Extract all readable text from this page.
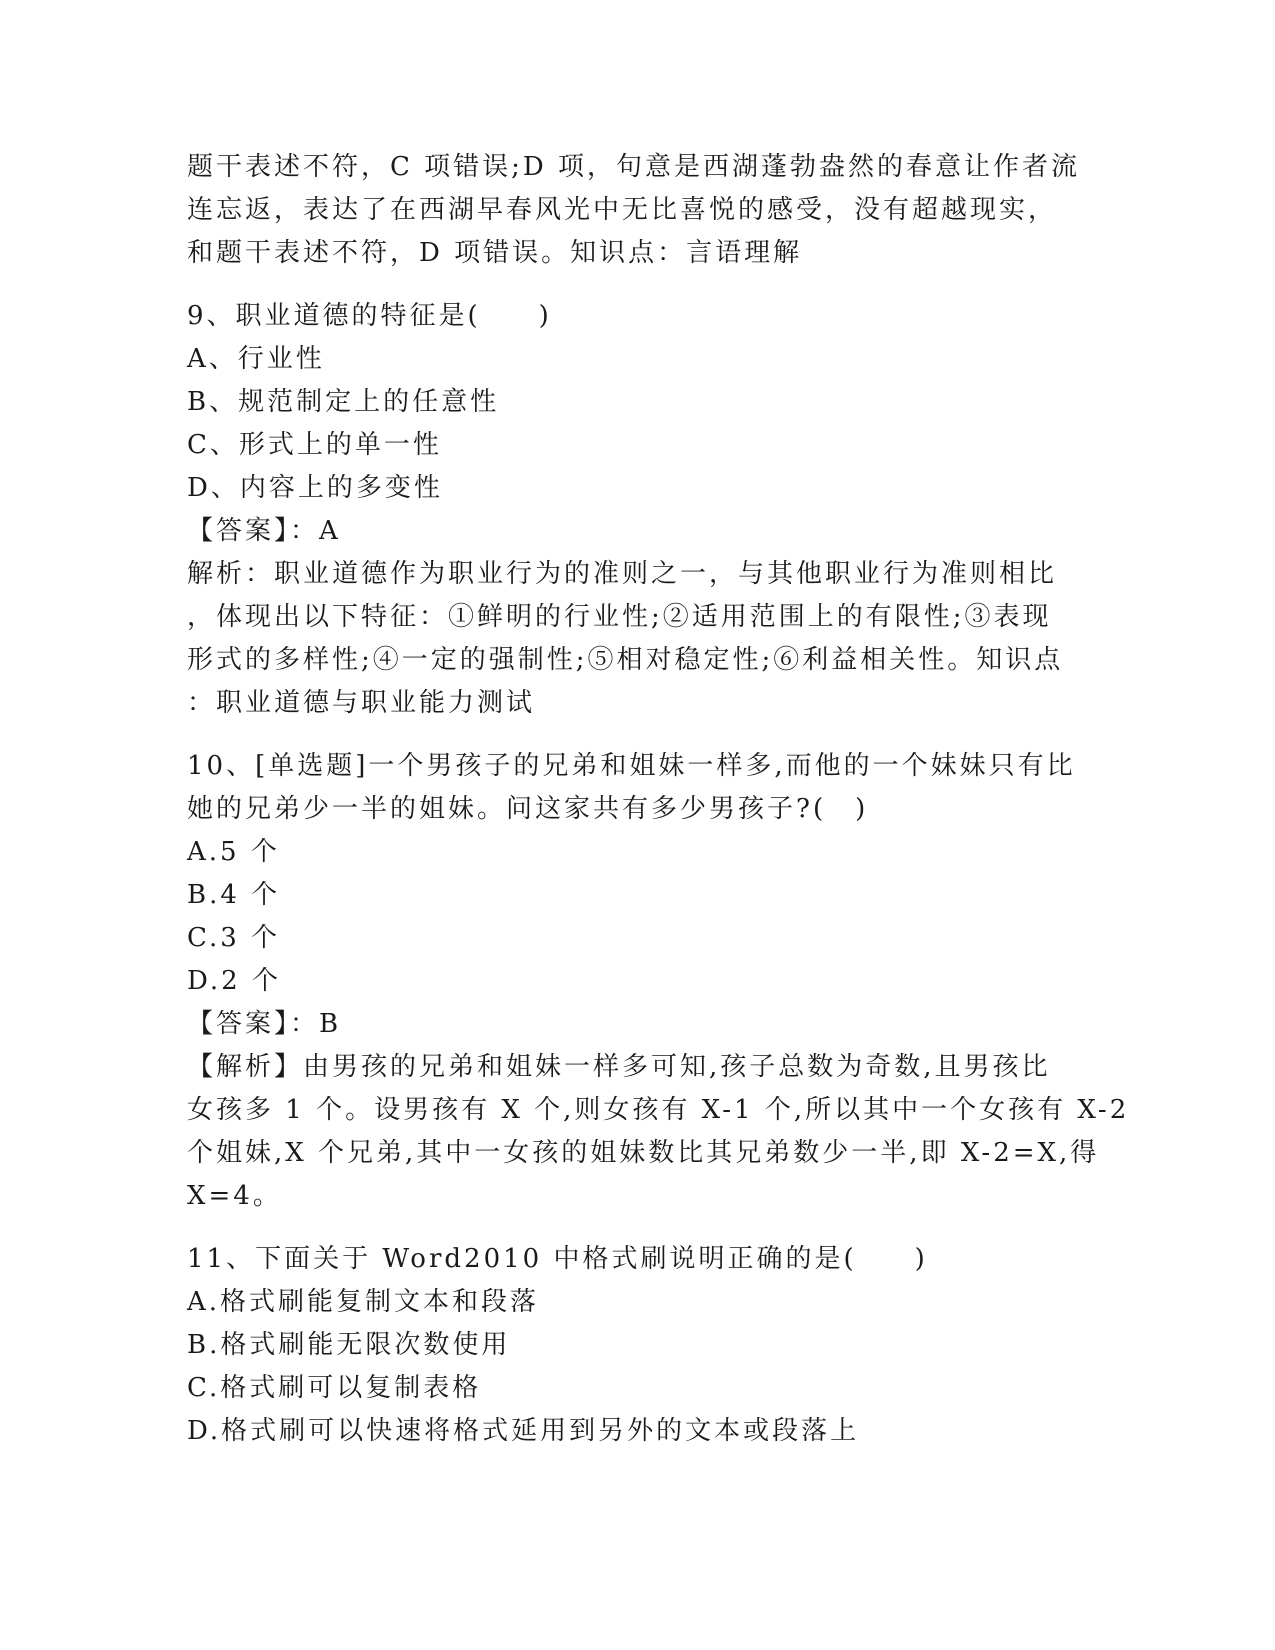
题干表述不符，C 项错误;D 项，句意是西湖蓬勃盎然的春意让作者流
连忘返，表达了在西湖早春风光中无比喜悦的感受，没有超越现实，
和题干表述不符，D 项错误。知识点：言语理解
9、职业道德的特征是(　　)
A、行业性
B、规范制定上的任意性
C、形式上的单一性
D、内容上的多变性
【答案】：A
解析：职业道德作为职业行为的准则之一，与其他职业行为准则相比
，体现出以下特征：①鲜明的行业性;②适用范围上的有限性;③表现
形式的多样性;④一定的强制性;⑤相对稳定性;⑥利益相关性。知识点
：职业道德与职业能力测试
10、[单选题]一个男孩子的兄弟和姐妹一样多,而他的一个妹妹只有比
她的兄弟少一半的姐妹。问这家共有多少男孩子?(　)
A.5 个
B.4 个
C.3 个
D.2 个
【答案】：B
【解析】由男孩的兄弟和姐妹一样多可知,孩子总数为奇数,且男孩比
女孩多 1 个。设男孩有 X 个,则女孩有 X-1 个,所以其中一个女孩有 X-2
个姐妹,X 个兄弟,其中一女孩的姐妹数比其兄弟数少一半,即 X-2=X,得
X=4。
11、下面关于 Word2010 中格式刷说明正确的是(　　)
A.格式刷能复制文本和段落
B.格式刷能无限次数使用
C.格式刷可以复制表格
D.格式刷可以快速将格式延用到另外的文本或段落上
